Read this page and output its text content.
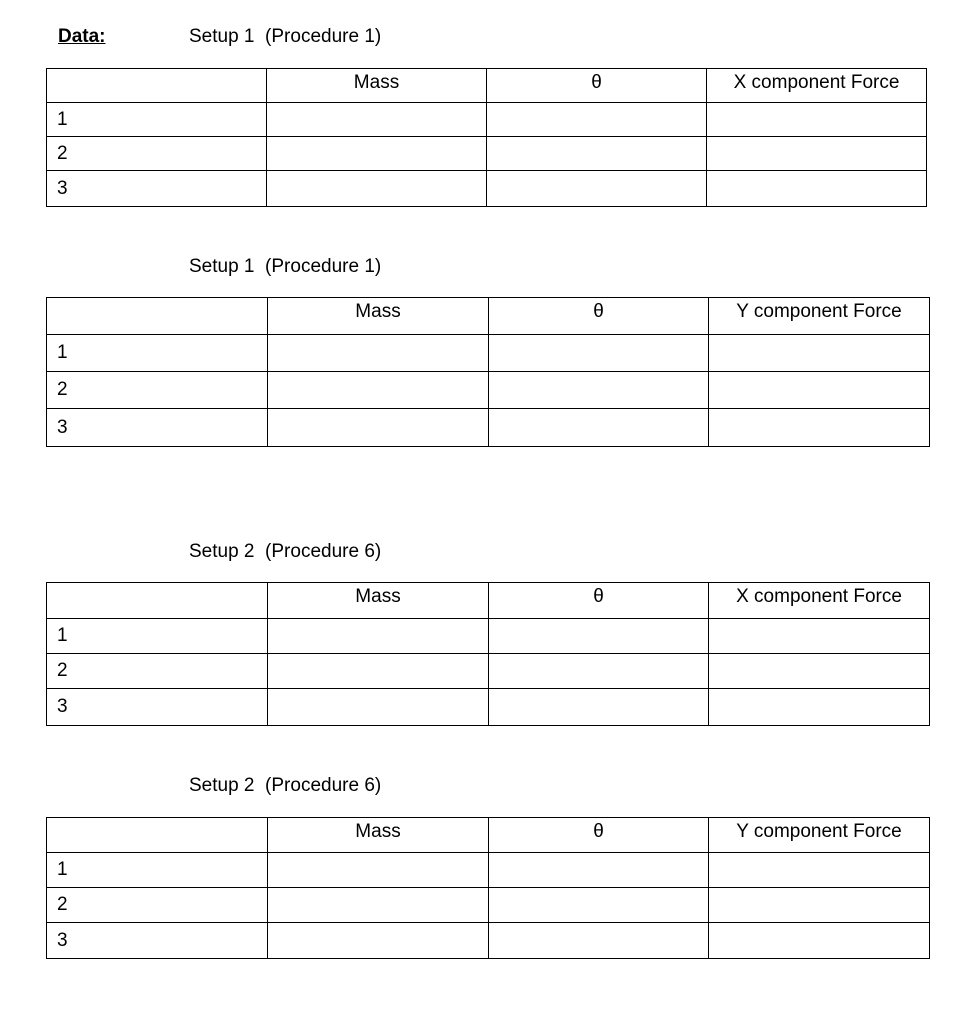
Data:	Setup 1  (Procedure 1)
	Mass	θ	X component Force
1			
2			
3			
Setup 1  (Procedure 1)
	Mass	θ	Y component Force
1			
2			
3			
Setup 2  (Procedure 6)
	Mass	θ	X component Force
1			
2			
3			
Setup 2  (Procedure 6)
	Mass	θ	Y component Force
1			
2			
3			
